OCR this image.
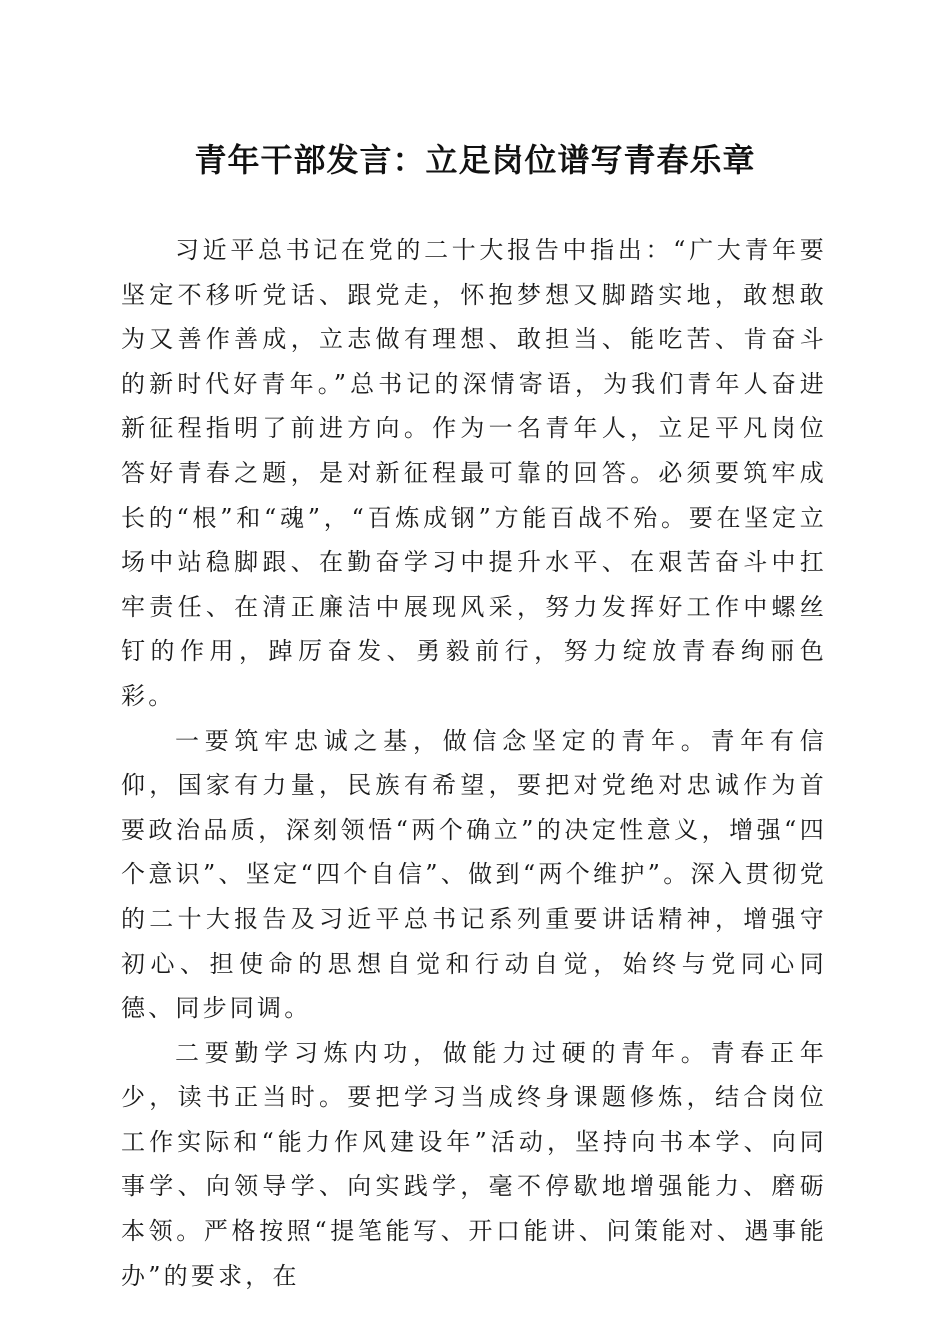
青年干部发言：立足岗位谱写青春乐章

习近平总书记在党的二十大报告中指出：“广大青年要坚定不移听党话、跟党走，怀抱梦想又脚踏实地，敢想敢为又善作善成，立志做有理想、敢担当、能吃苦、肯奋斗的新时代好青年。”总书记的深情寄语，为我们青年人奋进新征程指明了前进方向。作为一名青年人，立足平凡岗位答好青春之题，是对新征程最可靠的回答。必须要筑牢成长的“根”和“魂”，“百炼成钢”方能百战不殆。要在坚定立场中站稳脚跟、在勤奋学习中提升水平、在艰苦奋斗中扛牢责任、在清正廉洁中展现风采，努力发挥好工作中螺丝钉的作用，踔厉奋发、勇毅前行，努力绽放青春绚丽色彩。

一要筑牢忠诚之基，做信念坚定的青年。青年有信仰，国家有力量，民族有希望，要把对党绝对忠诚作为首要政治品质，深刻领悟“两个确立”的决定性意义，增强“四个意识”、坚定“四个自信”、做到“两个维护”。深入贯彻党的二十大报告及习近平总书记系列重要讲话精神，增强守初心、担使命的思想自觉和行动自觉，始终与党同心同德、同步同调。

二要勤学习炼内功，做能力过硬的青年。青春正年少，读书正当时。要把学习当成终身课题修炼，结合岗位工作实际和“能力作风建设年”活动，坚持向书本学、向同事学、向领导学、向实践学，毫不停歇地增强能力、磨砺本领。严格按照“提笔能写、开口能讲、问策能对、遇事能办”的要求，在
